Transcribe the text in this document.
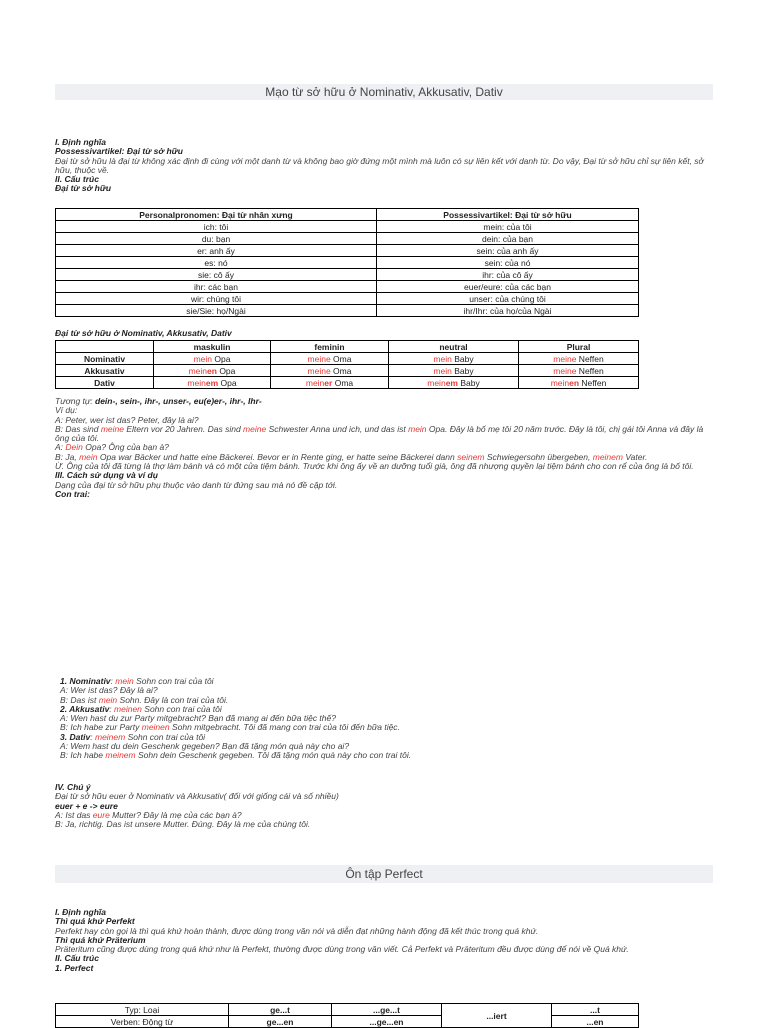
Mạo từ sở hữu ở Nominativ, Akkusativ, Dativ

I. Định nghĩa

Possessivartikel: Đại từ sở hữu

Đại từ sở hữu là đại từ không xác định đi cùng với một danh từ và không bao giờ đứng một mình mà luôn có sự liên kết với danh từ. Do vậy, Đại từ sở hữu chỉ sự liên kết, sở hữu, thuộc về.

II. Cấu trúc

Đại từ sở hữu

Personalpronomen: Đại từ nhân xưng	Possessivartikel: Đại từ sở hữu
ich: tôi	mein: của tôi
du: bạn	dein: của bạn
er: anh ấy	sein: của anh ấy
es: nó	sein: của nó
sie: cô ấy	ihr: của cô ấy
ihr: các bạn	euer/eure: của các bạn
wir: chúng tôi	unser: của chúng tôi
sie/Sie: họ/Ngài	ihr/Ihr: của họ/của Ngài

Đại từ sở hữu ở Nominativ, Akkusativ, Dativ

	maskulin	feminin	neutral	Plural
Nominativ	mein Opa	meine Oma	mein Baby	meine Neffen
Akkusativ	meinen Opa	meine Oma	mein Baby	meine Neffen
Dativ	meinem Opa	meiner Oma	meinem Baby	meinen Neffen

Tương tự: dein-, sein-, ihr-, unser-, eu(e)er-, ihr-, Ihr-

Ví dụ:

A: Peter, wer ist das? Peter, đây là ai?

B: Das sind meine Eltern vor 20 Jahren. Das sind meine Schwester Anna und ich, und das ist mein Opa. Đây là bố mẹ tôi 20 năm trước. Đây là tôi, chị gái tôi Anna và đây là ông của tôi.

A: Dein Opa? Ông của bạn à?

B: Ja, mein Opa war Bäcker und hatte eine Bäckerei. Bevor er in Rente ging, er hatte seine Bäckerei dann seinem Schwiegersohn übergeben, meinem Vater.

Ừ. Ông của tôi đã từng là thợ làm bánh và có một cửa tiệm bánh. Trước khi ông ấy về an dưỡng tuổi già, ông đã nhượng quyền lại tiệm bánh cho con rể của ông là bố tôi.

III. Cách sử dụng và ví dụ

Dạng của đại từ sở hữu phụ thuộc vào danh từ đứng sau mà nó đề cập tới.

Con trai:

1. Nominativ: mein Sohn con trai của tôi

A: Wer ist das? Đây là ai?

B: Das ist mein Sohn. Đây là con trai của tôi.

2. Akkusativ: meinen Sohn con trai của tôi

A: Wen hast du zur Party mitgebracht? Bạn đã mang ai đến bữa tiệc thế?

B: Ich habe zur Party meinen Sohn mitgebracht. Tôi đã mang con trai của tôi đến bữa tiệc.

3. Dativ: meinem Sohn con trai của tôi

A: Wem hast du dein Geschenk gegeben? Bạn đã tặng món quà này cho ai?

B: Ich habe meinem Sohn dein Geschenk gegeben. Tôi đã tặng món quà này cho con trai tôi.

IV. Chú ý

Đại từ sở hữu euer ở Nominativ và Akkusativ( đối với giống cái và số nhiều)

euer + e -> eure

A: Ist das eure Mutter? Đây là mẹ của các bạn à?

B: Ja, richtig. Das ist unsere Mutter. Đúng. Đây là mẹ của chúng tôi.

Ôn tập Perfect

I. Định nghĩa

Thì quá khứ Perfekt

Perfekt hay còn gọi là thì quá khứ hoàn thành, được dùng trong văn nói và diễn đạt những hành động đã kết thúc trong quá khứ.

Thì quá khứ Präterium

Präteritum cũng được dùng trong quá khứ như là Perfekt, thường được dùng trong văn viết. Cả Perfekt và Präteritum đều được dùng để nói về Quá khứ.

II. Cấu trúc

1. Perfect

Typ: Loại	ge...t	...ge...t	...iert	...t
Verben: Động từ	ge...en	...ge...en		...en
